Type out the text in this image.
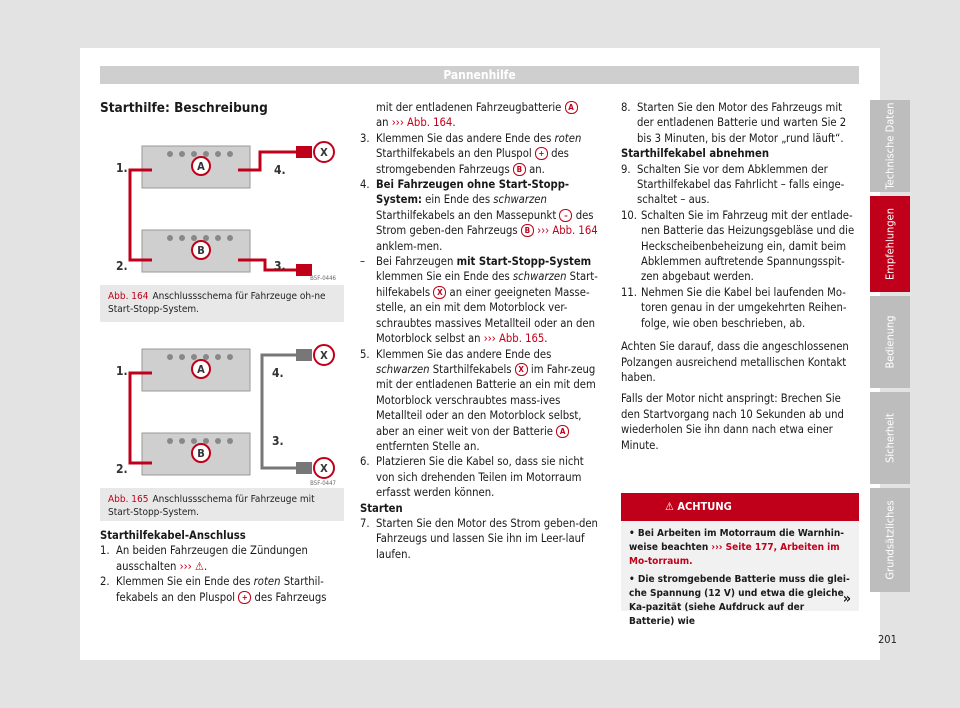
Pannenhilfe
Starthilfe: Beschreibung
A
B
X
1.
2.	3.
4.
B5F-0446
Abb. 164 Anschlussschema für Fahrzeuge oh-ne Start-Stopp-System.
A
B
X
X
1.
2.
3.
4.
B5F-0447
Abb. 165 Anschlussschema für Fahrzeuge mit Start-Stopp-System.

Starthilfekabel-Anschluss

1. An beiden Fahrzeugen die Zündungen ausschalten ››› ⚠.
2. Klemmen Sie ein Ende des roten Starthil-fekabels an den Pluspol + des Fahrzeugs
mit der entladenen Fahrzeugbatterie A
an ››› Abb. 164.
3. Klemmen Sie das andere Ende des roten Starthilfekabels an den Pluspol + des stromgebenden Fahrzeugs B an.
4. Bei Fahrzeugen ohne Start-Stopp-System: ein Ende des schwarzen Starthilfekabels an den Massepunkt – des Strom geben-den Fahrzeugs B ››› Abb. 164 anklem-men.
– Bei Fahrzeugen mit Start-Stopp-System klemmen Sie ein Ende des schwarzen Start-hilfekabels X an einer geeigneten Masse-stelle, an ein mit dem Motorblock ver-schraubtes massives Metallteil oder an den Motorblock selbst an ››› Abb. 165.
5. Klemmen Sie das andere Ende des schwarzen Starthilfekabels X im Fahr-zeug mit der entladenen Batterie an ein mit dem Motorblock verschraubtes mass-ives Metallteil oder an den Motorblock selbst, aber an einer weit von der Batterie A entfernten Stelle an.
6. Platzieren Sie die Kabel so, dass sie nicht von sich drehenden Teilen im Motorraum erfasst werden können.

Starten

7. Starten Sie den Motor des Strom geben-den Fahrzeugs und lassen Sie ihn im Leer-lauf laufen.
8. Starten Sie den Motor des Fahrzeugs mit der entladenen Batterie und warten Sie 2 bis 3 Minuten, bis der Motor „rund läuft“.

Starthilfekabel abnehmen

9. Schalten Sie vor dem Abklemmen der Starthilfekabel das Fahrlicht – falls einge-schaltet – aus.
10. Schalten Sie im Fahrzeug mit der entlade-nen Batterie das Heizungsgebläse und die Heckscheibenbeheizung ein, damit beim Abklemmen auftretende Spannungsspit-zen abgebaut werden.
11. Nehmen Sie die Kabel bei laufenden Mo-toren genau in der umgekehrten Reihen-folge, wie oben beschrieben, ab.

Achten Sie darauf, dass die angeschlossenen Polzangen ausreichend metallischen Kontakt haben.

Falls der Motor nicht anspringt: Brechen Sie den Startvorgang nach 10 Sekunden ab und wiederholen Sie ihn dann nach etwa einer Minute.

⚠ ACHTUNG
• Bei Arbeiten im Motorraum die Warnhin-weise beachten ››› Seite 177, Arbeiten im Mo-torraum.
• Die stromgebende Batterie muss die glei-che Spannung (12 V) und etwa die gleiche Ka-pazität (siehe Aufdruck auf der Batterie) wie
»
Technische Daten
Empfehlungen
Bedienung
Sicherheit
Grundsätzliches
201
